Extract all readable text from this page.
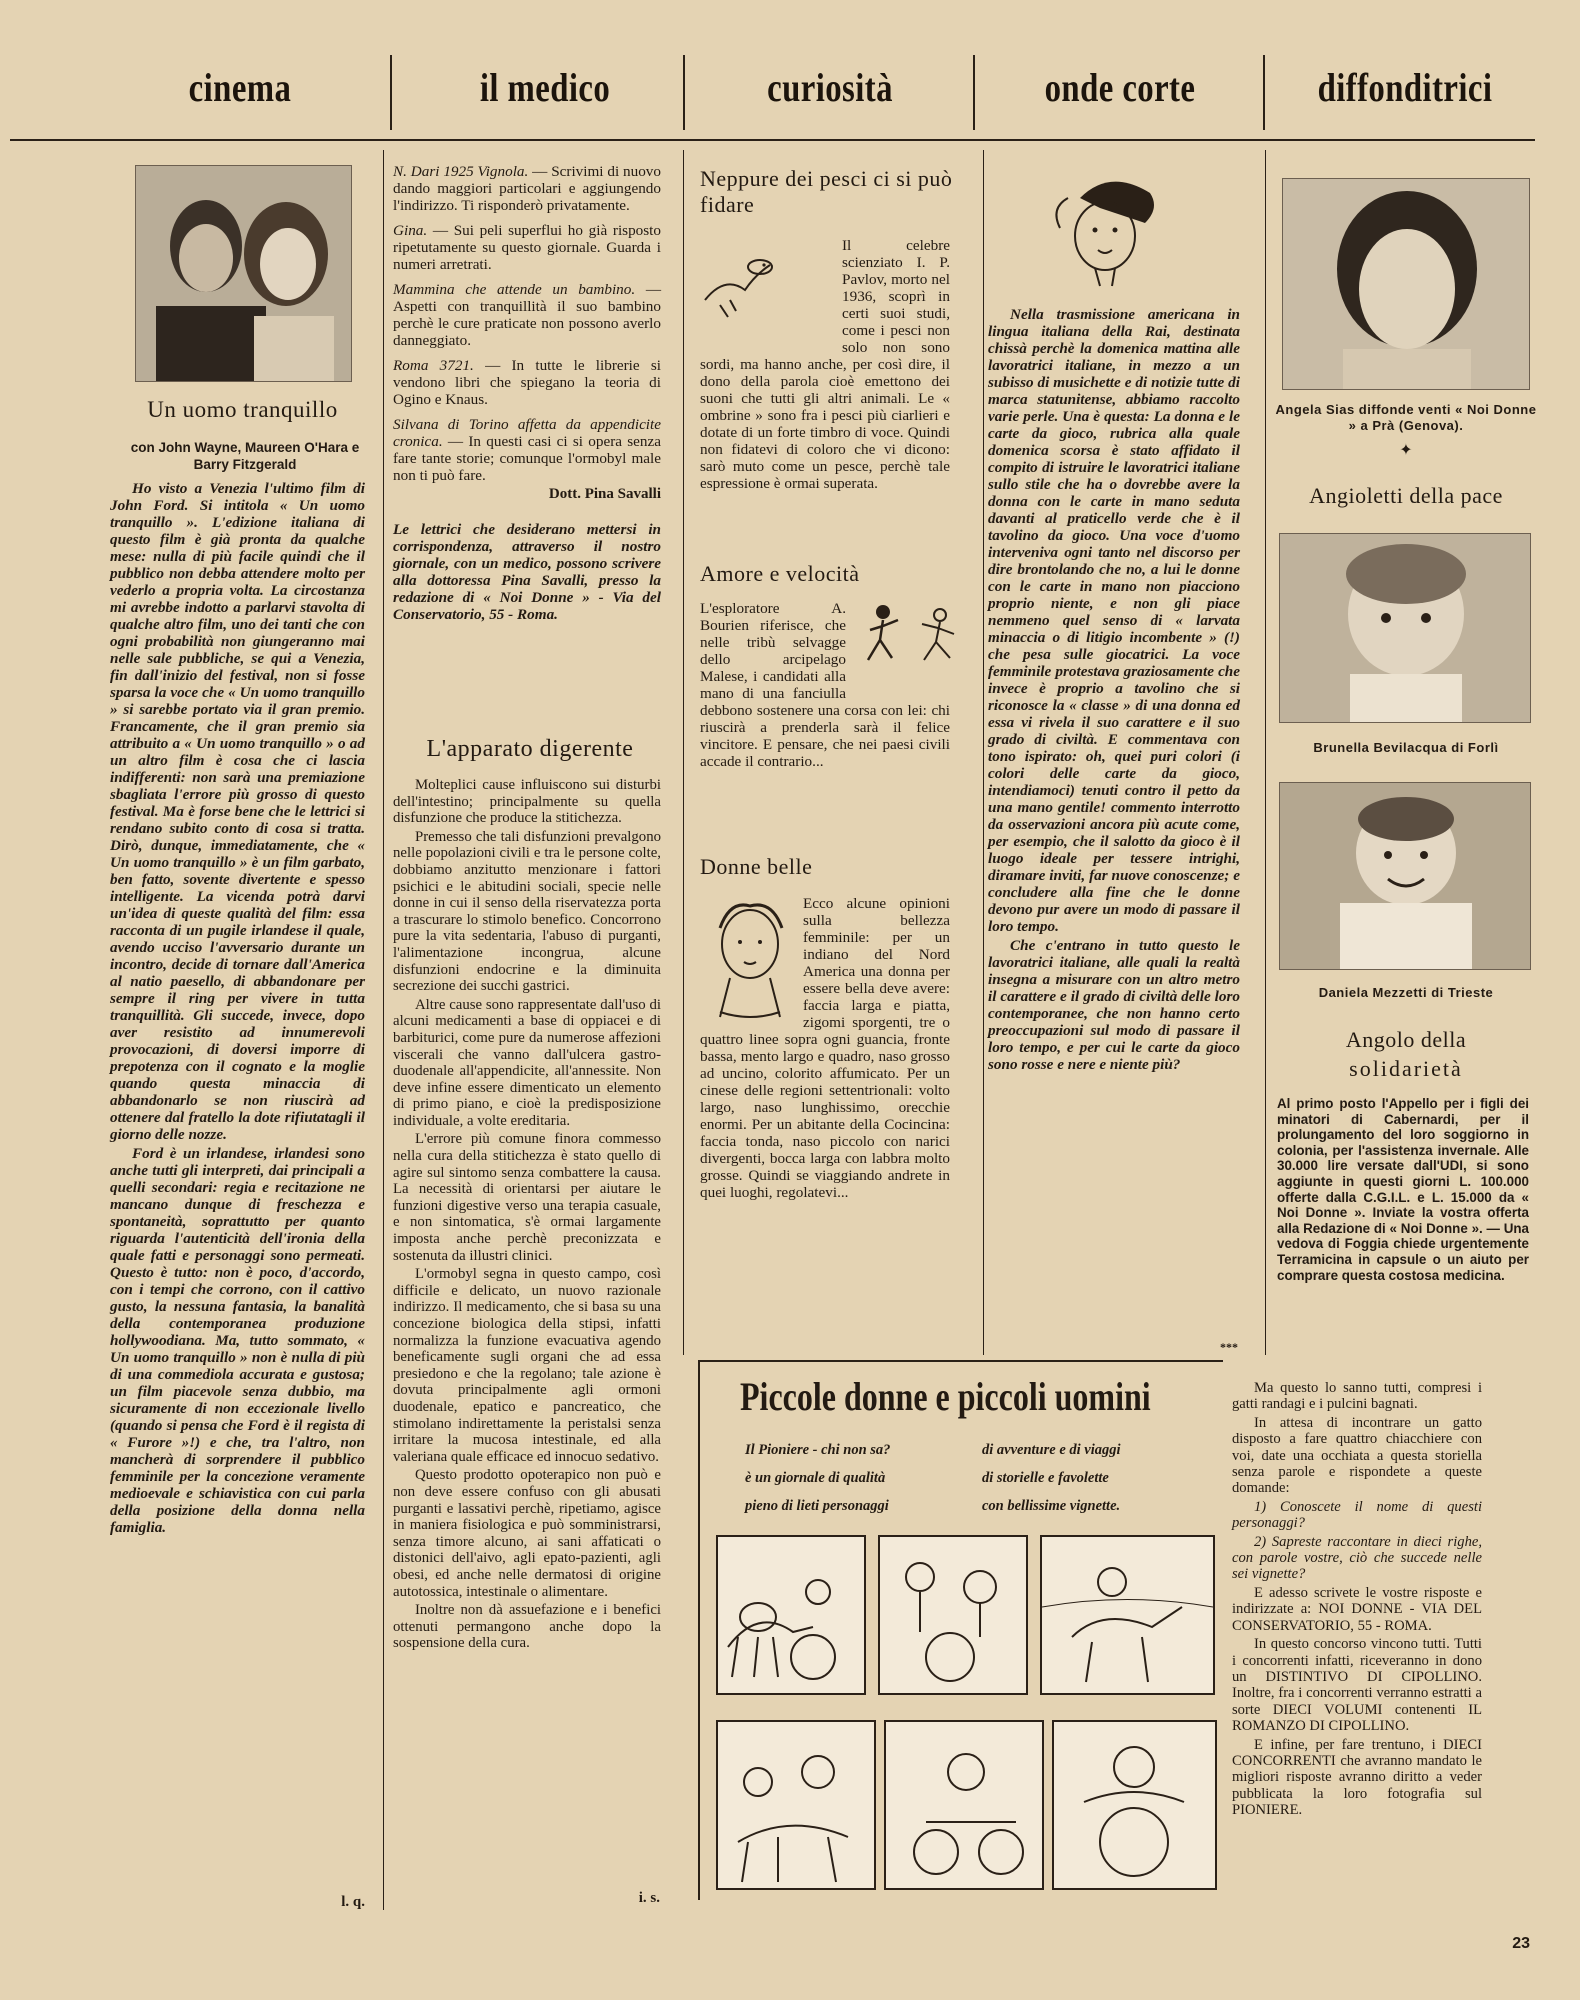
cinema	il medico	curiosità	onde corte	diffonditrici
Un uomo tranquillo
con John Wayne, Maureen O'Hara e Barry Fitzgerald

Ho visto a Venezia l'ultimo film di John Ford. Si intitola « Un uomo tranquillo ». L'edizione italiana di questo film è già pronta da qualche mese: nulla di più facile quindi che il pubblico non debba attendere molto per vederlo a propria volta. La circostanza mi avrebbe indotto a parlarvi stavolta di qualche altro film, uno dei tanti che con ogni probabilità non giungeranno mai nelle sale pubbliche, se qui a Venezia, fin dall'inizio del festival, non si fosse sparsa la voce che « Un uomo tranquillo » si sarebbe portato via il gran premio. Francamente, che il gran premio sia attribuito a « Un uomo tranquillo » o ad un altro film è cosa che ci lascia indifferenti: non sarà una premiazione sbagliata l'errore più grosso di questo festival. Ma è forse bene che le lettrici si rendano subito conto di cosa si tratta. Dirò, dunque, immediatamente, che « Un uomo tranquillo » è un film garbato, ben fatto, sovente divertente e spesso intelligente. La vicenda potrà darvi un'idea di queste qualità del film: essa racconta di un pugile irlandese il quale, avendo ucciso l'avversario durante un incontro, decide di tornare dall'America al natio paesello, di abbandonare per sempre il ring per vivere in tutta tranquillità. Gli succede, invece, dopo aver resistito ad innumerevoli provocazioni, di doversi imporre di prepotenza con il cognato e la moglie quando questa minaccia di abbandonarlo se non riuscirà ad ottenere dal fratello la dote rifiutatagli il giorno delle nozze.

Ford è un irlandese, irlandesi sono anche tutti gli interpreti, dai principali a quelli secondari: regia e recitazione ne mancano dunque di freschezza e spontaneità, soprattutto per quanto riguarda l'autenticità dell'ironia della quale fatti e personaggi sono permeati. Questo è tutto: non è poco, d'accordo, con i tempi che corrono, con il cattivo gusto, la nessuna fantasia, la banalità della contemporanea produzione hollywoodiana. Ma, tutto sommato, « Un uomo tranquillo » non è nulla di più di una commediola accurata e gustosa; un film piacevole senza dubbio, ma sicuramente di non eccezionale livello (quando si pensa che Ford è il regista di « Furore »!) e che, tra l'altro, non mancherà di sorprendere il pubblico femminile per la concezione veramente medioevale e schiavistica con cui parla della posizione della donna nella famiglia.

l. q.

N. Dari 1925 Vignola. — Scrivimi di nuovo dando maggiori particolari e aggiungendo l'indirizzo. Ti risponderò privatamente.

Gina. — Sui peli superflui ho già risposto ripetutamente su questo giornale. Guarda i numeri arretrati.

Mammina che attende un bambino. — Aspetti con tranquillità il suo bambino perchè le cure praticate non possono averlo danneggiato.

Roma 3721. — In tutte le librerie si vendono libri che spiegano la teoria di Ogino e Knaus.

Silvana di Torino affetta da appendicite cronica. — In questi casi ci si opera senza fare tante storie; comunque l'ormobyl male non ti può fare.

Dott. Pina Savalli
Le lettrici che desiderano mettersi in corrispondenza, attraverso il nostro giornale, con un medico, possono scrivere alla dottoressa Pina Savalli, presso la redazione di « Noi Donne » - Via del Conservatorio, 55 - Roma.
L'apparato digerente

Molteplici cause influiscono sui disturbi dell'intestino; principalmente su quella disfunzione che produce la stitichezza.

Premesso che tali disfunzioni prevalgono nelle popolazioni civili e tra le persone colte, dobbiamo anzitutto menzionare i fattori psichici e le abitudini sociali, specie nelle donne in cui il senso della riservatezza porta a trascurare lo stimolo benefico. Concorrono pure la vita sedentaria, l'abuso di purganti, l'alimentazione incongrua, alcune disfunzioni endocrine e la diminuita secrezione dei succhi gastrici.

Altre cause sono rappresentate dall'uso di alcuni medicamenti a base di oppiacei e di barbiturici, come pure da numerose affezioni viscerali che vanno dall'ulcera gastro-duodenale all'appendicite, all'annessite. Non deve infine essere dimenticato un elemento di primo piano, e cioè la predisposizione individuale, a volte ereditaria.

L'errore più comune finora commesso nella cura della stitichezza è stato quello di agire sul sintomo senza combattere la causa. La necessità di orientarsi per aiutare le funzioni digestive verso una terapia casuale, e non sintomatica, s'è ormai largamente imposta anche perchè preconizzata e sostenuta da illustri clinici.

L'ormobyl segna in questo campo, così difficile e delicato, un nuovo razionale indirizzo. Il medicamento, che si basa su una concezione biologica della stipsi, infatti normalizza la funzione evacuativa agendo beneficamente sugli organi che ad essa presiedono e che la regolano; tale azione è dovuta principalmente agli ormoni duodenale, epatico e pancreatico, che stimolano indirettamente la peristalsi senza irritare la mucosa intestinale, ed alla valeriana quale efficace ed innocuo sedativo.

Questo prodotto opoterapico non può e non deve essere confuso con gli abusati purganti e lassativi perchè, ripetiamo, agisce in maniera fisiologica e può somministrarsi, senza timore alcuno, ai sani affaticati o distonici dell'aivo, agli epato-pazienti, agli obesi, ed anche nelle dermatosi di origine autotossica, intestinale o alimentare.

Inoltre non dà assuefazione e i benefici ottenuti permangono anche dopo la sospensione della cura.

i. s.
Neppure dei pesci ci si può fidare
Il celebre scienziato I. P. Pavlov, morto nel 1936, scoprì in certi suoi studi, come i pesci non solo non sono sordi, ma hanno anche, per così dire, il dono della parola cioè emettono dei suoni che tutti gli altri animali. Le « ombrine » sono fra i pesci più ciarlieri e dotate di un forte timbro di voce. Quindi non fidatevi di coloro che vi dicono: sarò muto come un pesce, perchè tale espressione è ormai superata.
Amore e velocità
L'esploratore A. Bourien riferisce, che nelle tribù selvagge dello arcipelago Malese, i candidati alla mano di una fanciulla debbono sostenere una corsa con lei: chi riuscirà a prenderla sarà il felice vincitore. E pensare, che nei paesi civili accade il contrario...
Donne belle
Ecco alcune opinioni sulla bellezza femminile: per un indiano del Nord America una donna per essere bella deve avere: faccia larga e piatta, zigomi sporgenti, tre o quattro linee sopra ogni guancia, fronte bassa, mento largo e quadro, naso grosso ad uncino, colorito affumicato. Per un cinese delle regioni settentrionali: volto largo, naso lunghissimo, orecchie enormi. Per un abitante della Cocincina: faccia tonda, naso piccolo con narici divergenti, bocca larga con labbra molto grosse. Quindi se viaggiando andrete in quei luoghi, regolatevi...

Nella trasmissione americana in lingua italiana della Rai, destinata chissà perchè la domenica mattina alle lavoratrici italiane, in mezzo a un subisso di musichette e di notizie tutte di marca statunitense, abbiamo raccolto varie perle. Una è questa: La donna e le carte da gioco, rubrica alla quale domenica scorsa è stato affidato il compito di istruire le lavoratrici italiane sullo stile che ha o dovrebbe avere la donna con le carte in mano seduta davanti al praticello verde che è il tavolino da gioco. Una voce d'uomo interveniva ogni tanto nel discorso per dire brontolando che no, a lui le donne con le carte in mano non piacciono proprio niente, e non gli piace nemmeno quel senso di « larvata minaccia o di litigio incombente » (!) che pesa sulle giocatrici. La voce femminile protestava graziosamente che invece è proprio a tavolino che si riconosce la « classe » di una donna ed essa vi rivela il suo carattere e il suo grado di civiltà. E commentava con tono ispirato: oh, quei puri colori (i colori delle carte da gioco, intendiamoci) tenuti contro il petto da una mano gentile! commento interrotto da osservazioni ancora più acute come, per esempio, che il salotto da gioco è il luogo ideale per tessere intrighi, diramare inviti, far nuove conoscenze; e concludere alla fine che le donne devono pur avere un modo di passare il loro tempo.

Che c'entrano in tutto questo le lavoratrici italiane, alle quali la realtà insegna a misurare con un altro metro il carattere e il grado di civiltà delle loro contemporanee, che non hanno certo preoccupazioni sul modo di passare il loro tempo, e per cui le carte da gioco sono rosse e nere e niente più?

***
Angela Sias diffonde venti « Noi Donne » a Prà (Genova).
✦
Angioletti della pace
Brunella Bevilacqua di Forlì
Daniela Mezzetti di Trieste
Angolo della
solidarietà
Al primo posto l'Appello per i figli dei minatori di Cabernardi, per il prolungamento del loro soggiorno in colonia, per l'assistenza invernale. Alle 30.000 lire versate dall'UDI, si sono aggiunte in questi giorni L. 100.000 offerte dalla C.G.I.L. e L. 15.000 da « Noi Donne ». Inviate la vostra offerta alla Redazione di « Noi Donne ». — Una vedova di Foggia chiede urgentemente Terramicina in capsule o un aiuto per comprare questa costosa medicina.
Piccole donne e piccoli uomini
Il Pioniere - chi non sa?
è un giornale di qualità
pieno di lieti personaggi
di avventure e di viaggi
di storielle e favolette
con bellissime vignette.

Ma questo lo sanno tutti, compresi i gatti randagi e i pulcini bagnati.

In attesa di incontrare un gatto disposto a fare quattro chiacchiere con voi, date una occhiata a questa storiella senza parole e rispondete a queste domande:

1) Conoscete il nome di questi personaggi?

2) Sapreste raccontare in dieci righe, con parole vostre, ciò che succede nelle sei vignette?

E adesso scrivete le vostre risposte e indirizzate a: NOI DONNE - VIA DEL CONSERVATORIO, 55 - ROMA.

In questo concorso vincono tutti. Tutti i concorrenti infatti, riceveranno in dono un DISTINTIVO DI CIPOLLINO. Inoltre, fra i concorrenti verranno estratti a sorte DIECI VOLUMI contenenti IL ROMANZO DI CIPOLLINO.

E infine, per fare trentuno, i DIECI CONCORRENTI che avranno mandato le migliori risposte avranno diritto a veder pubblicata la loro fotografia sul PIONIERE.

23
